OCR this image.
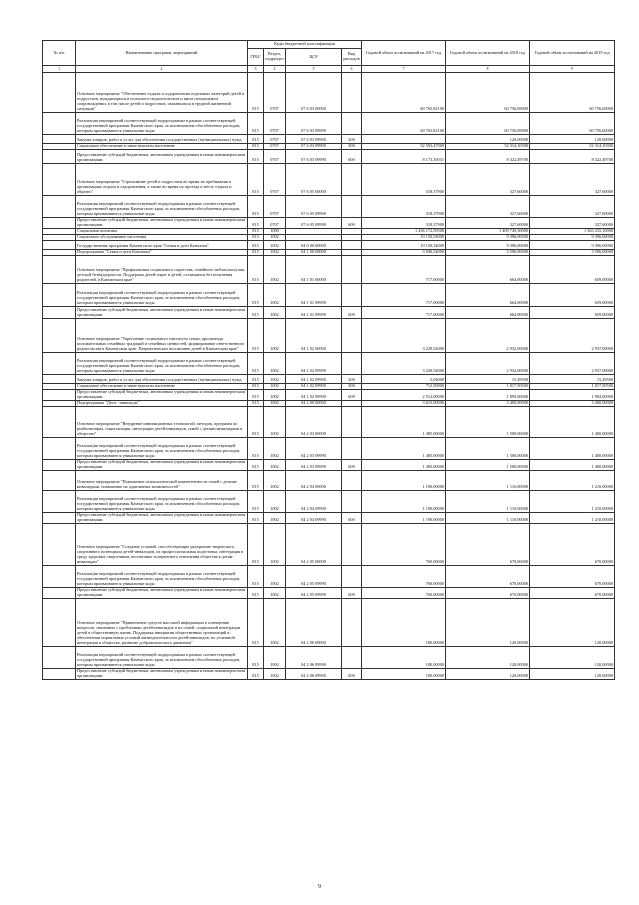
№ п/п	Наименование программ, мероприятий	Коды бюджетной классификации				Годовой объем ассигнований на 2017 год	Годовой объем ассигнований на 2018 год	Годовой объем ассигнований на 2019 год
		ГРБС	Раздел, подраздел	ЦСР	Вид расходов			
1	2	3	4	5	6	7	8	9
	Основное мероприятие "Обеспечение отдыха и оздоровления отдельных категорий детей и подростков, нуждающихся в психолого-педагогическом и ином специальном сопровождении, в том числе детей и подростков, оказавшихся в трудной жизненной ситуации"	815	0707	07 6 03 00000		60 765,82100	60 756,69000	60 756,60000
	Реализация мероприятий соответствующей подпрограммы в рамках соответствующей государственной программы Камчатского края, за исключением обособленных расходов, которым присваиваются уникальные коды	815	0707	07 6 03 09990		60 765,82100	60 756,69000	60 756,60000
	Закупка товаров, работ и услуг для обеспечения государственных (муниципальных) нужд	815	0707	07 6 03 09990	200		120,00000	120,00000
	Социальное обеспечение и иные выплаты населению	815	0707	07 6 03 09990	300	52 592,47069	52 314,10300	52 314,10300
	Предоставление субсидий бюджетным, автономным учреждениям и иным некоммерческим организациям	815	0707	07 6 03 09990	600	8 173,35031	8 322,49700	8 322,49700
	Основное мероприятие "Страхование детей и подростков во время их пребывания в организациях отдыха и оздоровления, а также во время их проезда к месту отдыха и обратно"	815	0707	07 6 05 00000		318,37900	327,60000	327,60000
	Реализация мероприятий соответствующей подпрограммы в рамках соответствующей государственной программы Камчатского края, за исключением обособленных расходов, которым присваиваются уникальные коды	815	0707	07 6 05 09990		318,37900	327,60000	327,60000
	Предоставление субсидий бюджетным, автономным учреждениям и иным некоммерческим организациям	815	0707	07 6 05 09990	600	318,37900	327,60000	327,60000
	Социальная политика	815	1000			1 436 172,59500	1 409 749,30000	1 363 235,10000
	Социальное обслуживание населения	815	1002			10 150,54000	9 396,00000	9 396,00000
	Государственная программа Камчатского края "Семья и дети Камчатки"	815	1002	04 0 00 00000		10 150,54000	9 396,00000	9 396,00000
	Подпрограмма "Семья и дети Камчатки"	815	1002	04 1 00 00000		3 946,54000	3 596,00000	3 596,00000
	Основное мероприятие "Профилактика социального сиротства, семейного неблагополучия, детской безнадзорности. Поддержка детей-сирот и детей, оставшихся без попечения родителей, в Камчатском крае"	815	1002	04 1 01 00000		717,00000	664,00000	659,00000
	Реализация мероприятий соответствующей подпрограммы в рамках соответствующей государственной программы Камчатского края, за исключением обособленных расходов, которым присваиваются уникальные коды	815	1002	04 1 01 09990		717,00000	664,00000	659,00000
	Предоставление субсидий бюджетным, автономным учреждениям и иным некоммерческим организациям	815	1002	04 1 01 09990	600	717,00000	664,00000	659,00000
	Основное мероприятие "Укрепление социального института семьи, пропаганда положительных семейных традиций и семейных ценностей, формирование ответственного родительства в Камчатском крае. Патриотическое воспитание детей в Камчатском крае"	815	1002	04 1 02 00000		3 229,54000	2 932,00000	2 937,00000
	Реализация мероприятий соответствующей подпрограммы в рамках соответствующей государственной программы Камчатского края, за исключением обособленных расходов, которым присваиваются уникальные коды	815	1002	04 1 02 09990		3 229,54000	2 932,00000	2 937,00000
	Закупка товаров, работ и услуг для обеспечения государственных (муниципальных) нужд	815	1002	04 1 02 09990	200	5,04000	15,49500	15,49500
	Социальное обеспечение и иные выплаты населению	815	1002	04 1 02 09990	300	712,50000	1 017,50500	1 017,50500
	Предоставление субсидий бюджетным, автономным учреждениям и иным некоммерческим организациям	815	1002	04 1 02 09990	600	2 512,00000	1 899,00000	1 904,00000
	Подпрограмма "Дети - инвалиды"	815	1002	04 2 00 00000		3 615,00000	3 400,00000	3 400,00000
	Основное мероприятие "Внедрение инновационных технологий, методик, программ по реабилитации, социализации, интеграции детей-инвалидов, семей с детьми-инвалидами в общество"	815	1002	04 2 03 00000		1 485,00000	1 500,00000	1 400,00000
	Реализация мероприятий соответствующей подпрограммы в рамках соответствующей государственной программы Камчатского края, за исключением обособленных расходов, которым присваиваются уникальные коды	815	1002	04 2 03 09990		1 485,00000	1 500,00000	1 400,00000
	Предоставление субсидий бюджетным, автономным учреждениям и иным некоммерческим организациям	815	1002	04 2 03 09990	600	1 485,00000	1 500,00000	1 400,00000
	Основное мероприятие "Повышение психологической компетентности семей с детьми-инвалидами, повышение их адаптивных возможностей"	815	1002	04 2 04 00000		1 190,00000	1 110,00000	1 210,00000
	Реализация мероприятий соответствующей подпрограммы в рамках соответствующей государственной программы Камчатского края, за исключением обособленных расходов, которым присваиваются уникальные коды	815	1002	04 2 04 09990		1 190,00000	1 110,00000	1 210,00000
	Предоставление субсидий бюджетным, автономным учреждениям и иным некоммерческим организациям	815	1002	04 2 04 09990	600	1 190,00000	1 110,00000	1 210,00000
	Основное мероприятие "Создание условий, способствующих раскрытию творческого, спортивного потенциала детей-инвалидов, их профессиональная подготовка, интеграция в среду здоровых сверстников, воспитание толерантного отношения общества к детям-инвалидам"	815	1002	04 2 05 00000		760,00000	670,00000	670,00000
	Реализация мероприятий соответствующей подпрограммы в рамках соответствующей государственной программы Камчатского края, за исключением обособленных расходов, которым присваиваются уникальные коды	815	1002	04 2 05 09990		760,00000	670,00000	670,00000
	Предоставление субсидий бюджетным, автономным учреждениям и иным некоммерческим организациям	815	1002	04 2 05 09990	600	760,00000	670,00000	670,00000
	Основное мероприятие "Привлечение средств массовой информации к освещению вопросов, связанных с проблемами детей-инвалидов и их семей, социальной интеграции детей в общественную жизнь. Поддержка инициатив общественных организаций в обеспечении нормальных условий жизнедеятельности детей-инвалидов, их успешной интеграции в общество, развитие добровольческого движения"	815	1002	04 2 06 00000		180,00000	120,00000	120,00000
	Реализация мероприятий соответствующей подпрограммы в рамках соответствующей государственной программы Камчатского края, за исключением обособленных расходов, которым присваиваются уникальные коды	815	1002	04 2 06 09990		180,00000	120,00000	120,00000
	Предоставление субсидий бюджетным, автономным учреждениям и иным некоммерческим организациям	815	1002	04 2 06 09990	600	180,00000	120,00000	120,00000
9
